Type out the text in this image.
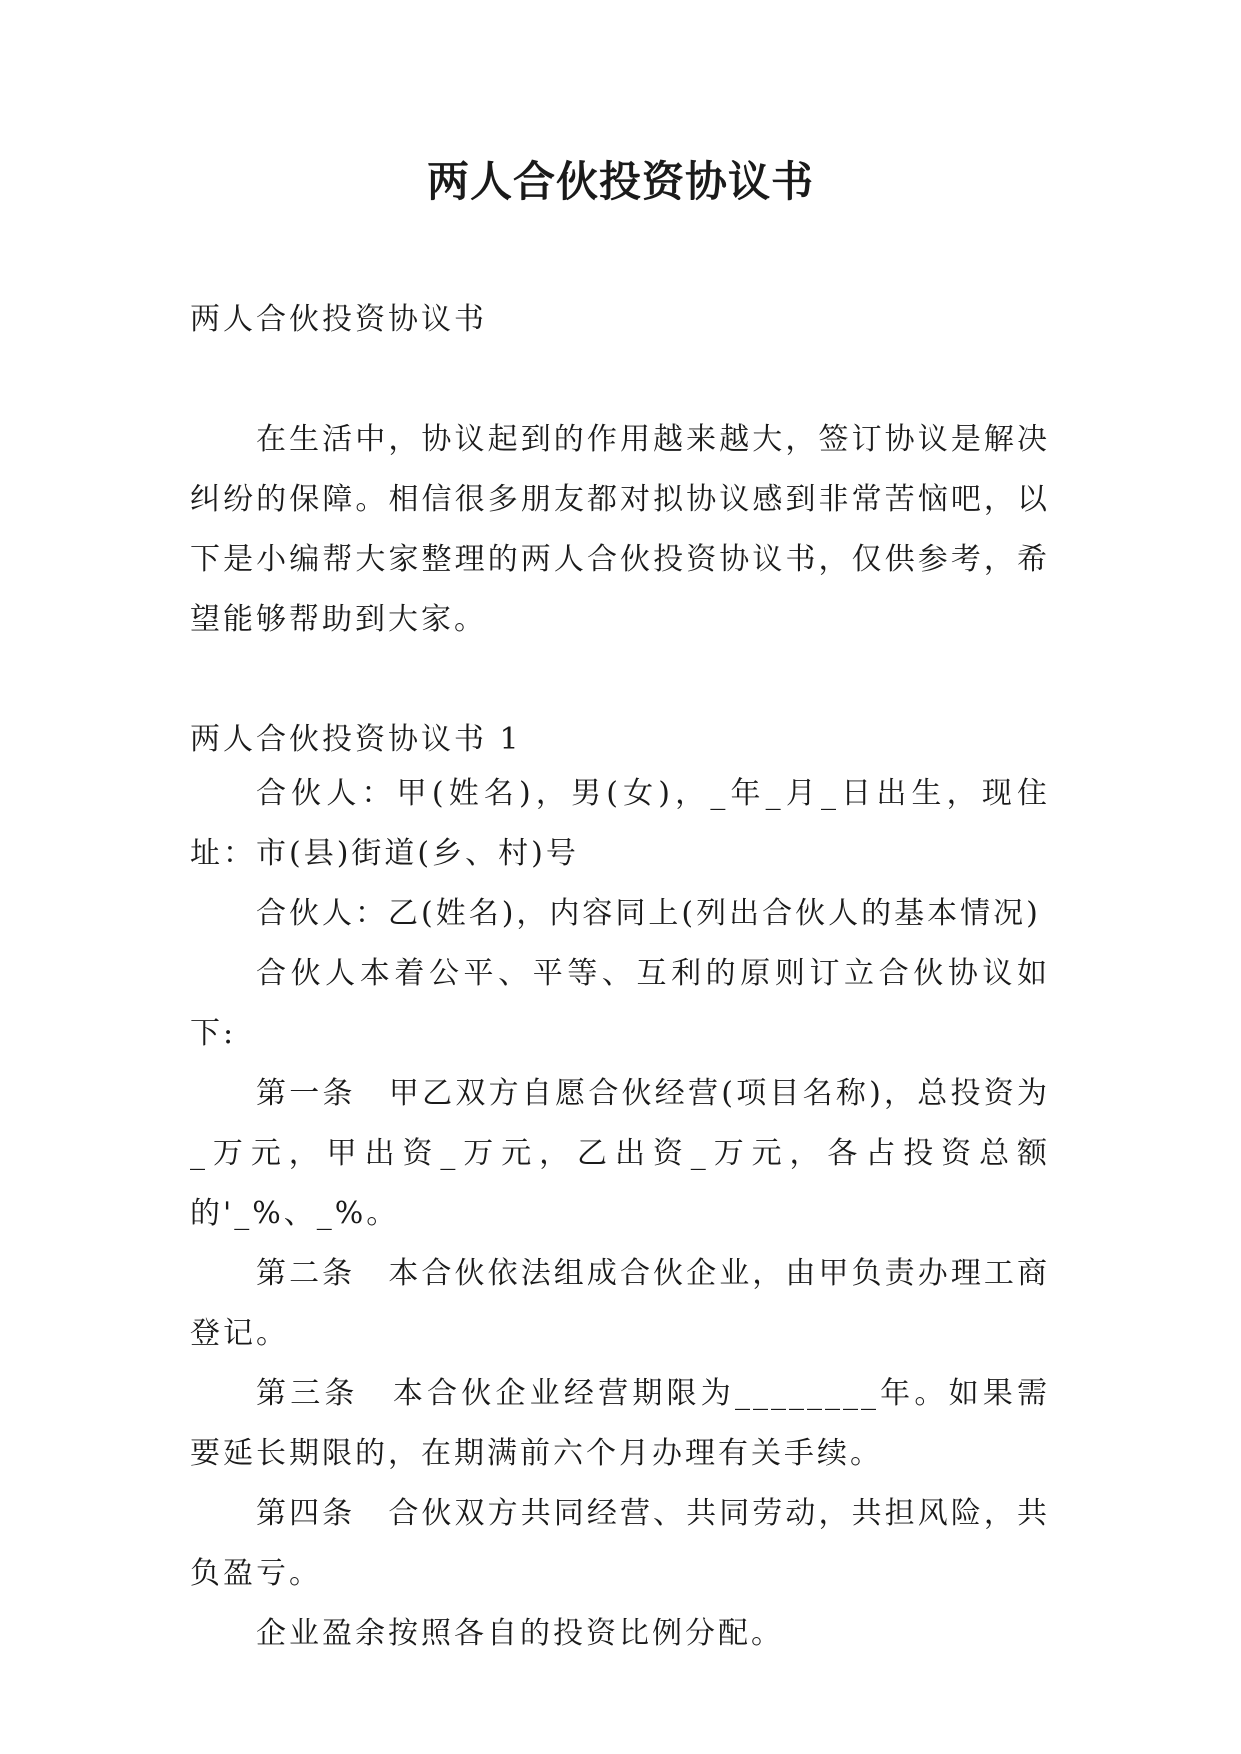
两人合伙投资协议书

两人合伙投资协议书

在生活中，协议起到的作用越来越大，签订协议是解决纠纷的保障。相信很多朋友都对拟协议感到非常苦恼吧，以下是小编帮大家整理的两人合伙投资协议书，仅供参考，希望能够帮助到大家。

两人合伙投资协议书 1

合伙人：甲(姓名)，男(女)，_年_月_日出生，现住址：市(县)街道(乡、村)号

合伙人：乙(姓名)，内容同上(列出合伙人的基本情况)

合伙人本着公平、平等、互利的原则订立合伙协议如下:

第一条　甲乙双方自愿合伙经营(项目名称)，总投资为_万元，甲出资_万元，乙出资_万元，各占投资总额的'_%、_%。

第二条　本合伙依法组成合伙企业，由甲负责办理工商登记。

第三条　本合伙企业经营期限为________年。如果需要延长期限的，在期满前六个月办理有关手续。

第四条　合伙双方共同经营、共同劳动，共担风险，共负盈亏。

企业盈余按照各自的投资比例分配。
